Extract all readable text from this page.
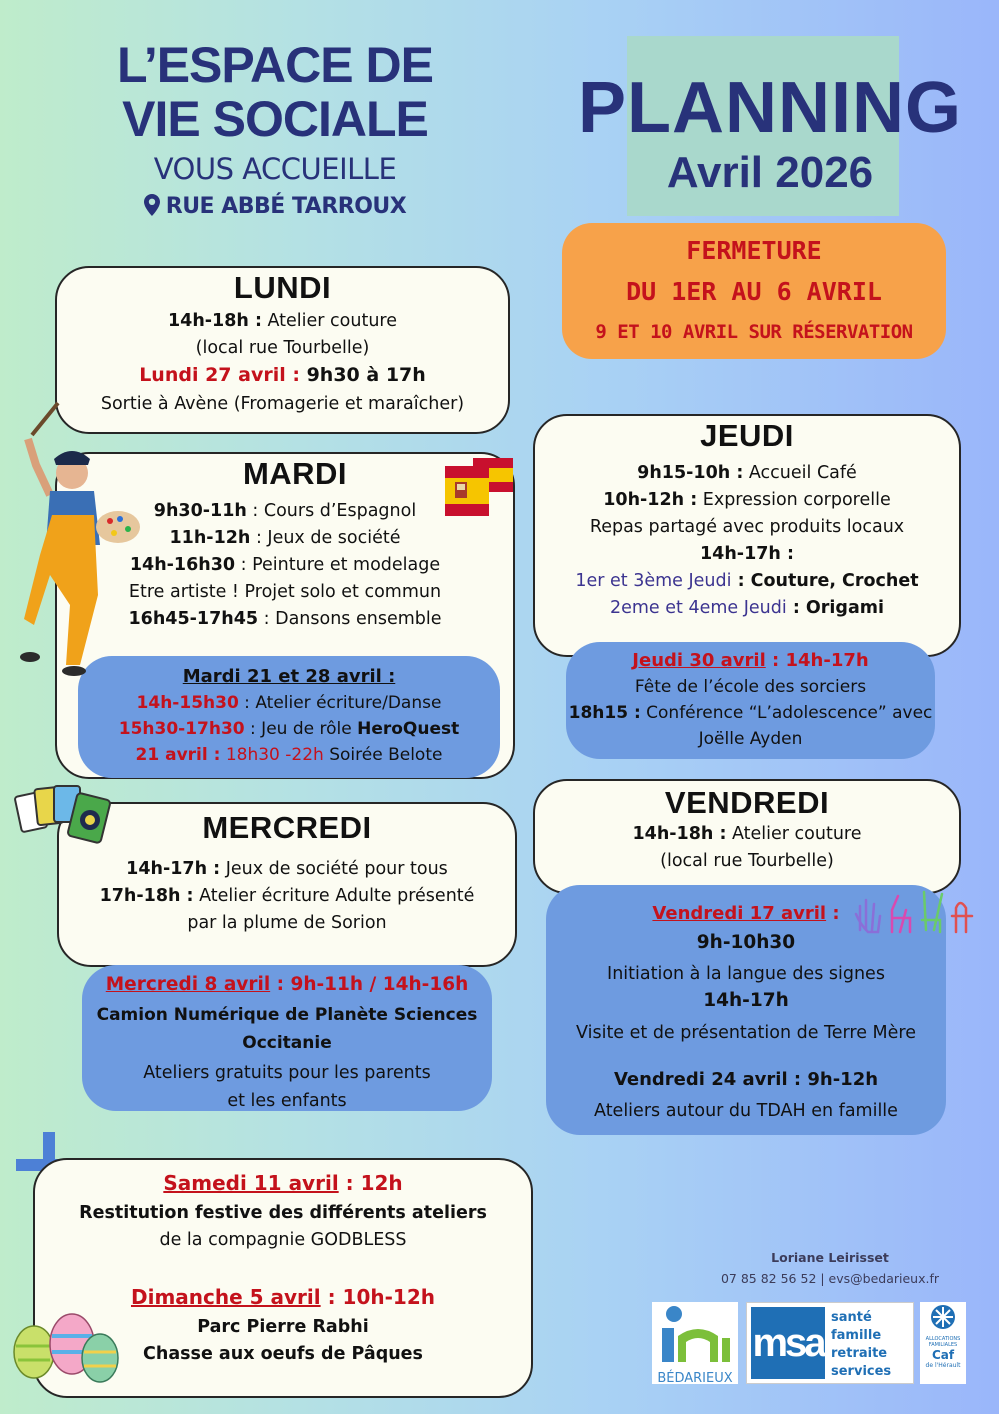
L’ESPACE DE
VIE SOCIALE
VOUS ACCUEILLE
RUE ABBÉ TARROUX
PLANNING
Avril 2026
FERMETURE
DU 1ER AU 6 AVRIL
9 ET 10 AVRIL SUR RÉSERVATION
LUNDI
14h-18h : Atelier couture
(local rue Tourbelle)
Lundi 27 avril : 9h30 à 17h
Sortie à Avène (Fromagerie et maraîcher)
MARDI
9h30-11h : Cours d’Espagnol
11h-12h : Jeux de société
14h-16h30 : Peinture et modelage
Etre artiste ! Projet solo et commun
16h45-17h45 : Dansons ensemble
Mardi 21 et 28 avril :
14h-15h30 : Atelier écriture/Danse
15h30-17h30 : Jeu de rôle HeroQuest
21 avril : 18h30 -22h Soirée Belote
MERCREDI
14h-17h : Jeux de société pour tous
17h-18h : Atelier écriture Adulte présenté
par la plume de Sorion
Mercredi 8 avril : 9h-11h / 14h-16h
Camion Numérique de Planète Sciences
Occitanie
Ateliers gratuits pour les parents
et les enfants
JEUDI
9h15-10h : Accueil Café
10h-12h : Expression corporelle
Repas partagé avec produits locaux
14h-17h :
1er et 3ème Jeudi : Couture, Crochet
2eme et 4eme Jeudi : Origami
Jeudi 30 avril : 14h-17h
Fête de l’école des sorciers
18h15 : Conférence “L’adolescence” avec
Joëlle Ayden
VENDREDI
14h-18h : Atelier couture
(local rue Tourbelle)
Vendredi 17 avril :
9h-10h30
Initiation à la langue des signes
14h-17h
Visite et de présentation de Terre Mère
Vendredi 24 avril : 9h-12h
Ateliers autour du TDAH en famille
Samedi 11 avril : 12h
Restitution festive des différents ateliers
de la compagnie GODBLESS
Dimanche 5 avril : 10h-12h
Parc Pierre Rabhi
Chasse aux oeufs de Pâques
Loriane Leirisset
07 85 82 56 52 | evs@bedarieux.fr
BÉDARIEUX
msa
santé
famille
retraite
services
ALLOCATIONS FAMILIALES
Caf
de l'Hérault
